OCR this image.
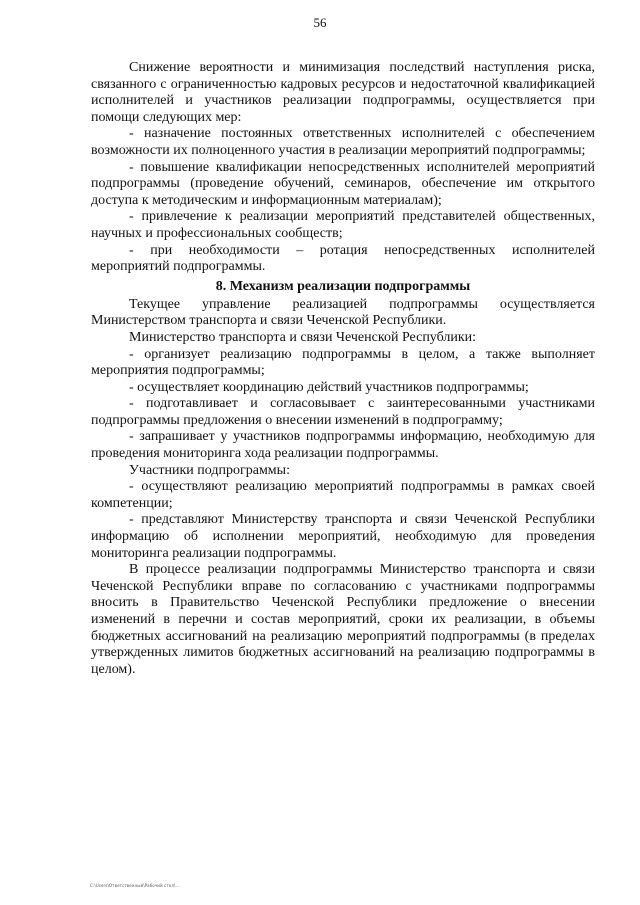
56

Снижение вероятности и минимизация последствий наступления риска, связанного с ограниченностью кадровых ресурсов и недостаточной квалификацией исполнителей и участников реализации подпрограммы, осуществляется при помощи следующих мер:

- назначение постоянных ответственных исполнителей с обеспечением возможности их полноценного участия в реализации мероприятий подпрограммы;

- повышение квалификации непосредственных исполнителей мероприятий подпрограммы (проведение обучений, семинаров, обеспечение им открытого доступа к методическим и информационным материалам);

- привлечение к реализации мероприятий представителей общественных, научных и профессиональных сообществ;

- при необходимости – ротация непосредственных исполнителей мероприятий подпрограммы.

8. Механизм реализации подпрограммы

Текущее управление реализацией подпрограммы осуществляется Министерством транспорта и связи Чеченской Республики.

Министерство транспорта и связи Чеченской Республики:

- организует реализацию подпрограммы в целом, а также выполняет мероприятия подпрограммы;

- осуществляет координацию действий участников подпрограммы;

- подготавливает и согласовывает с заинтересованными участниками подпрограммы предложения о внесении изменений в подпрограмму;

- запрашивает у участников подпрограммы информацию, необходимую для проведения мониторинга хода реализации подпрограммы.

Участники подпрограммы:

- осуществляют реализацию мероприятий подпрограммы в рамках своей компетенции;

- представляют Министерству транспорта и связи Чеченской Республики информацию об исполнении мероприятий, необходимую для проведения мониторинга реализации подпрограммы.

В процессе реализации подпрограммы Министерство транспорта и связи Чеченской Республики вправе по согласованию с участниками подпрограммы вносить в Правительство Чеченской Республики предложение о внесении изменений в перечни и состав мероприятий, сроки их реализации, в объемы бюджетных ассигнований на реализацию мероприятий подпрограммы (в пределах утвержденных лимитов бюджетных ассигнований на реализацию подпрограммы в целом).

С:\Users\Ответственный\Рабочий стол\...
